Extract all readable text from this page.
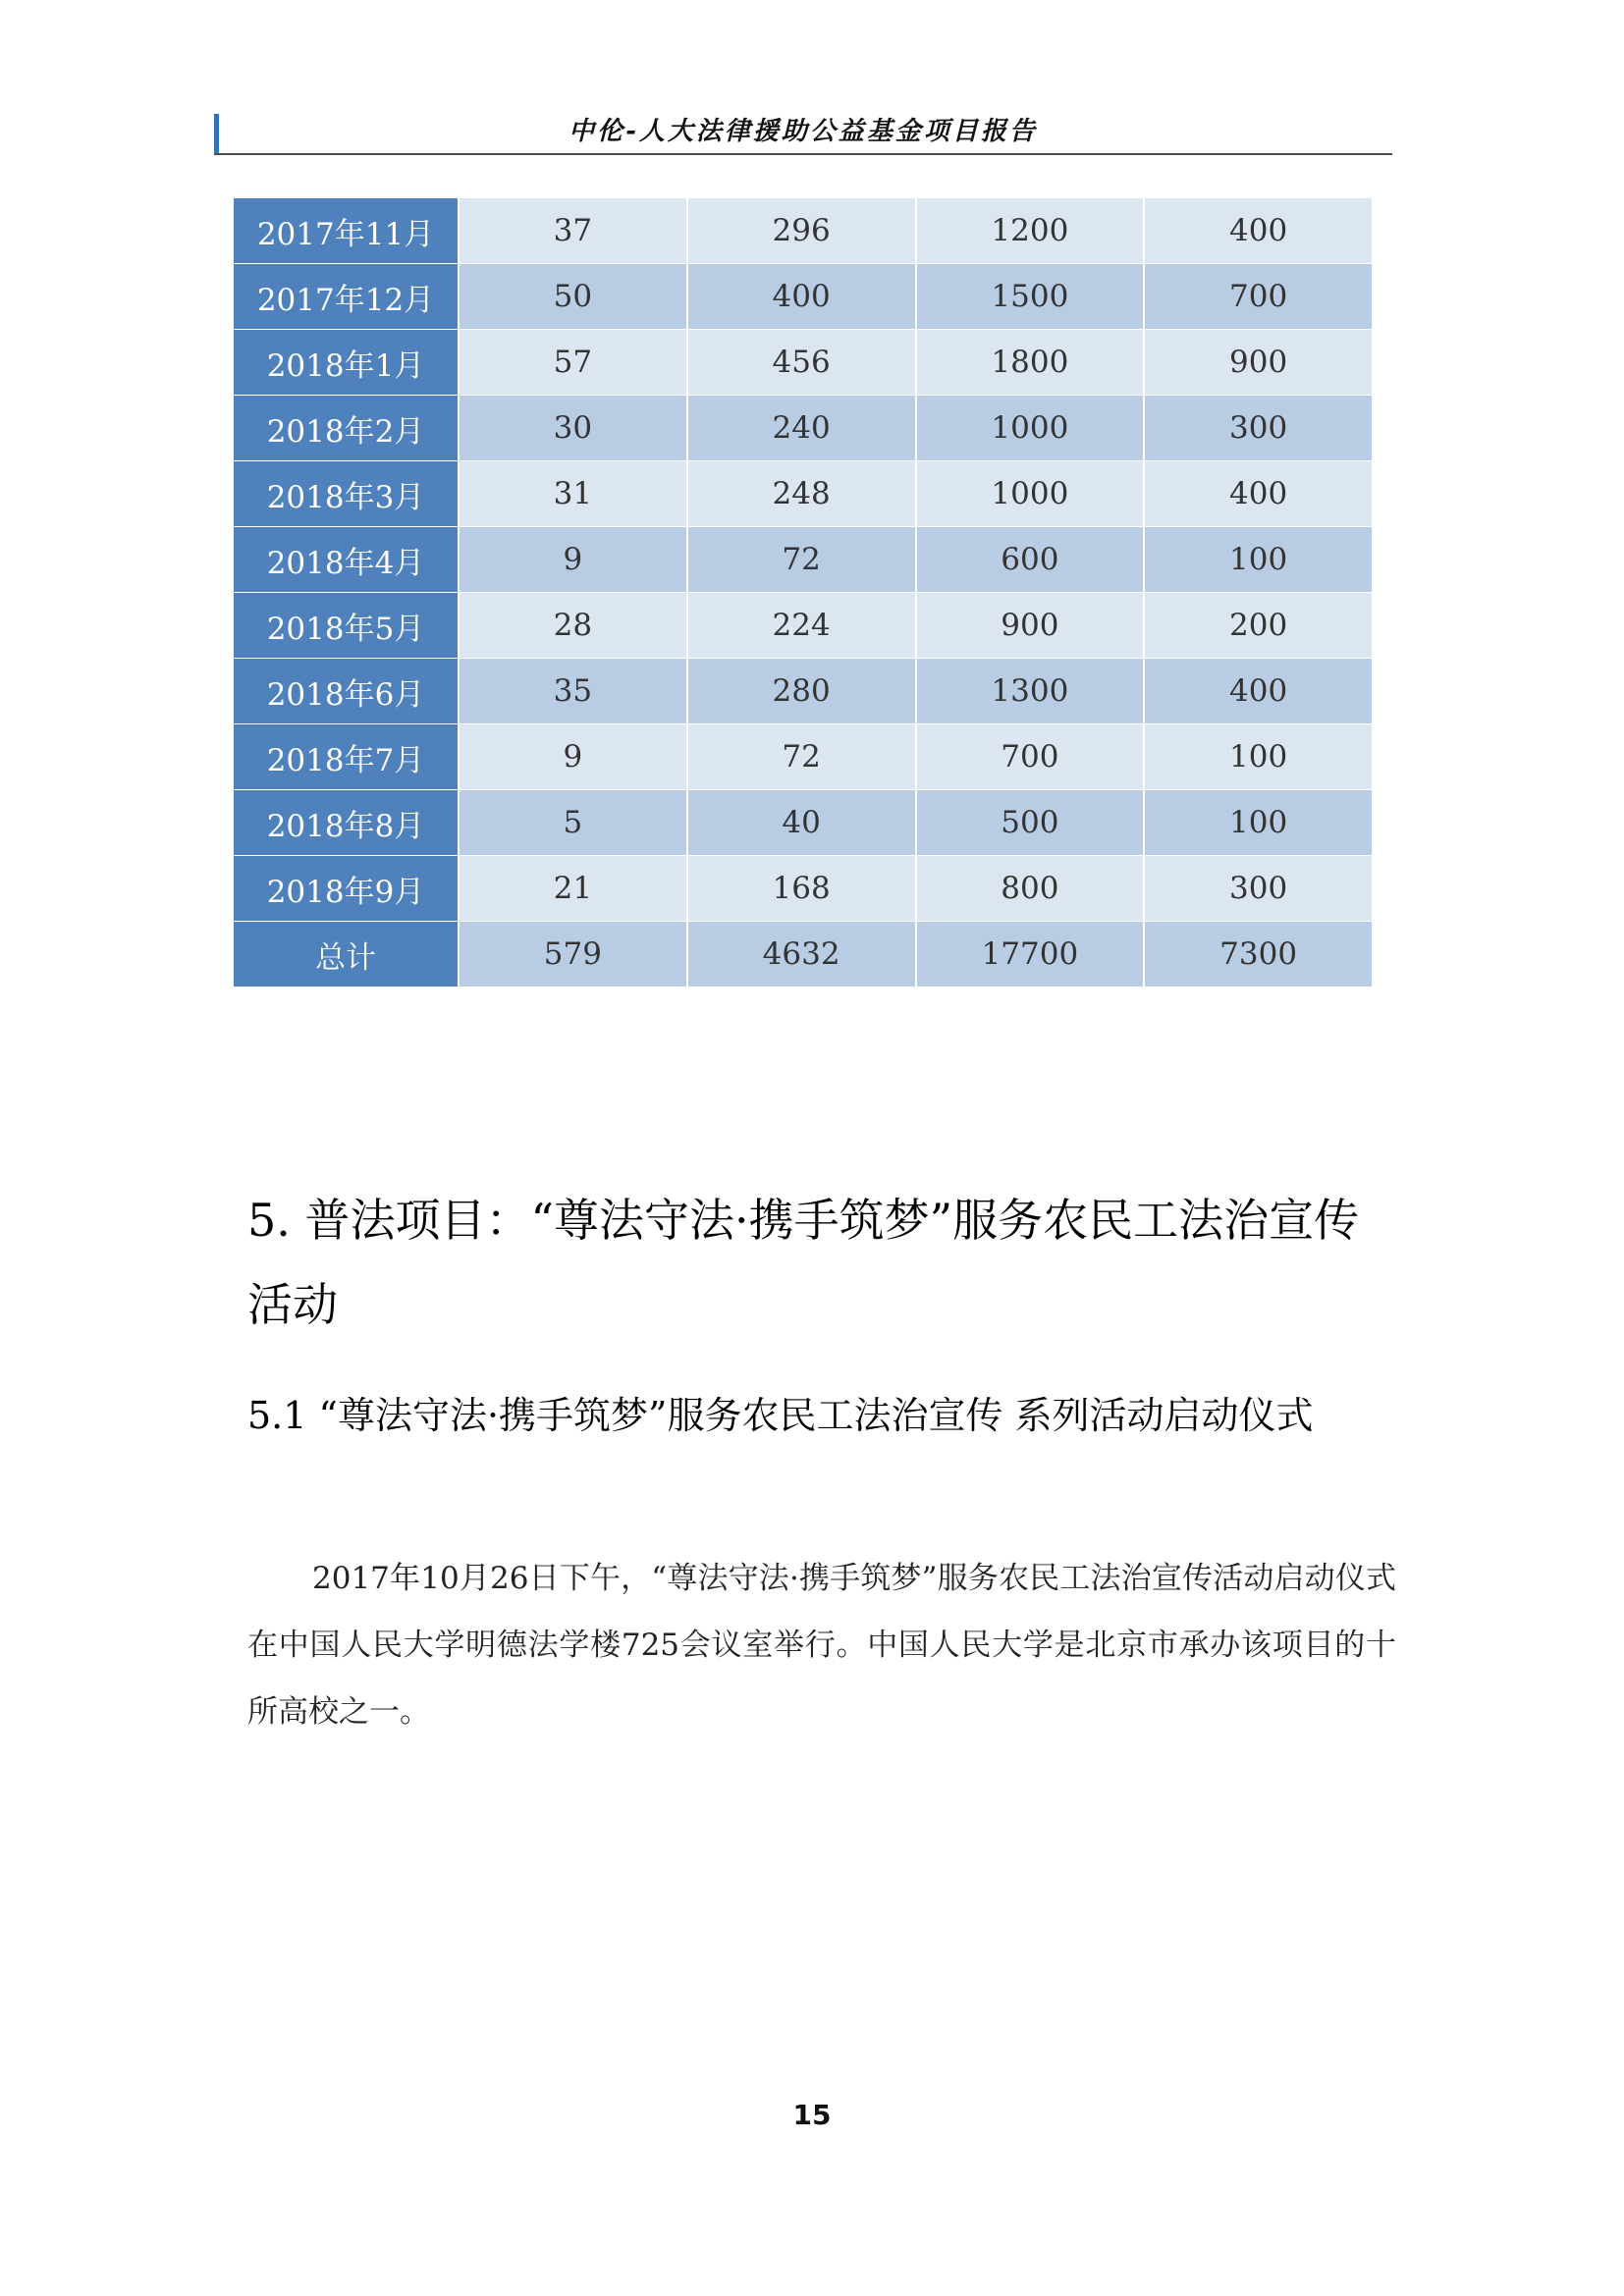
中伦-人大法律援助公益基金项目报告
2017年11月	37	296	1200	400
2017年12月	50	400	1500	700
2018年1月	57	456	1800	900
2018年2月	30	240	1000	300
2018年3月	31	248	1000	400
2018年4月	9	72	600	100
2018年5月	28	224	900	200
2018年6月	35	280	1300	400
2018年7月	9	72	700	100
2018年8月	5	40	500	100
2018年9月	21	168	800	300
总计	579	4632	17700	7300
5. 普法项目：“尊法守法·携手筑梦”服务农民工法治宣传活动
5.1 “尊法守法·携手筑梦”服务农民工法治宣传 系列活动启动仪式
2017年10月26日下午，“尊法守法·携手筑梦”服务农民工法治宣传活动启动仪式在中国人民大学明德法学楼725会议室举行。中国人民大学是北京市承办该项目的十所高校之一。
15
